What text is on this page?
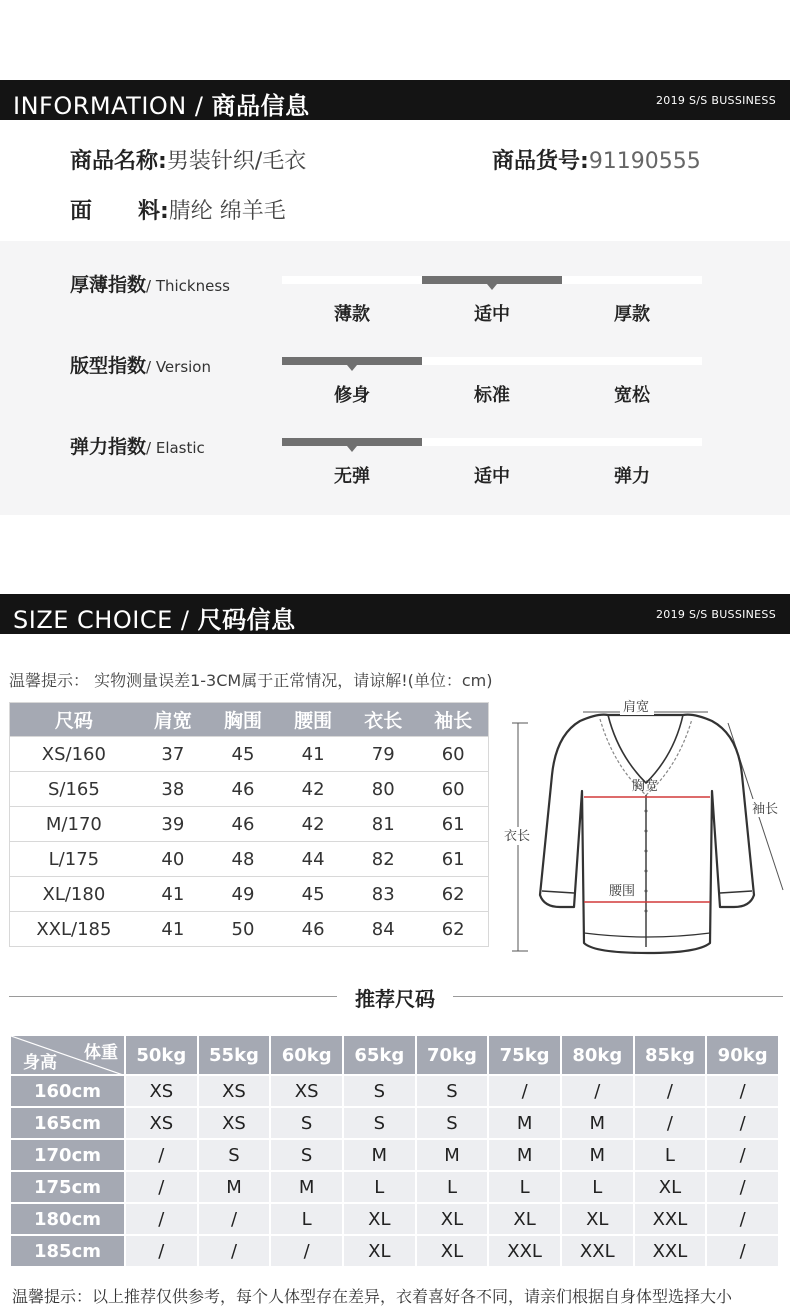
INFORMATION / 商品信息	2019 S/S BUSSINESS
商品名称:男装针织/毛衣	商品货号:91190555
面      料:腈纶 绵羊毛
厚薄指数/ Thickness
薄款	适中	厚款
版型指数/ Version
修身	标准	宽松
弹力指数/ Elastic
无弹	适中	弹力
SIZE CHOICE / 尺码信息	2019 S/S BUSSINESS
温馨提示： 实物测量误差1-3CM属于正常情况，请谅解!(单位：cm)
尺码	肩宽	胸围	腰围	衣长	袖长
XS/160	37	45	41	79	60
S/165	38	46	42	80	60
M/170	39	46	42	81	61
L/175	40	48	44	82	61
XL/180	41	49	45	83	62
XXL/185	41	50	46	84	62
肩宽
胸宽
袖长
衣长
腰围
推荐尺码
体重
身高	50kg	55kg	60kg	65kg	70kg	75kg	80kg	85kg	90kg
160cm	XS	XS	XS	S	S	/	/	/	/
165cm	XS	XS	S	S	S	M	M	/	/
170cm	/	S	S	M	M	M	M	L	/
175cm	/	M	M	L	L	L	L	XL	/
180cm	/	/	L	XL	XL	XL	XL	XXL	/
185cm	/	/	/	XL	XL	XXL	XXL	XXL	/
温馨提示：以上推荐仅供参考，每个人体型存在差异，衣着喜好各不同，请亲们根据自身体型选择大小
